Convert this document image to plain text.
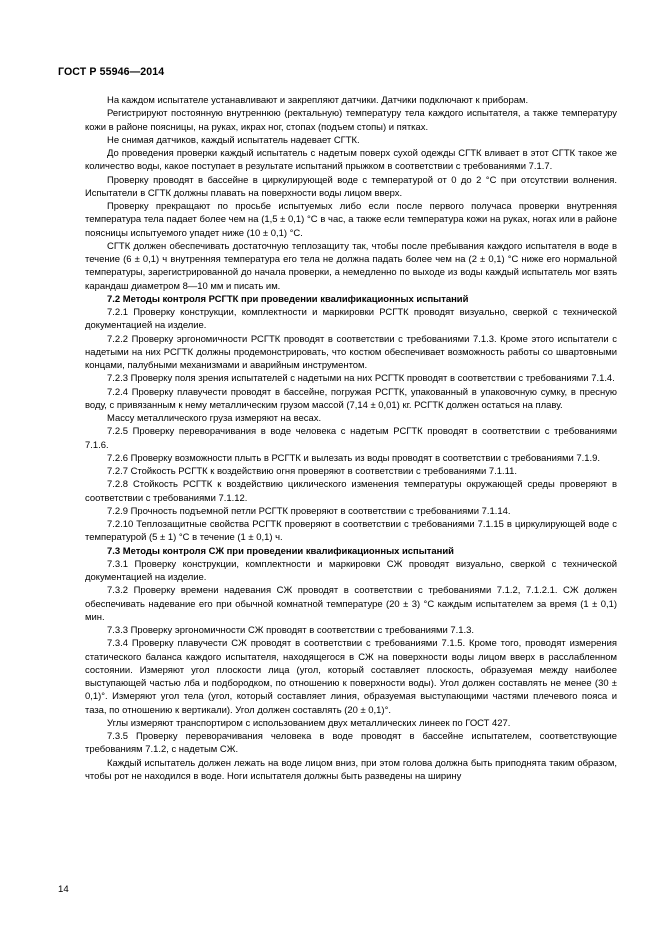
ГОСТ Р 55946—2014

На каждом испытателе устанавливают и закрепляют датчики. Датчики подключают к приборам.

Регистрируют постоянную внутреннюю (ректальную) температуру тела каждого испытателя, а также температуру кожи в районе поясницы, на руках, икрах ног, стопах (подъем стопы) и пятках.

Не снимая датчиков, каждый испытатель надевает СГТК.

До проведения проверки каждый испытатель с надетым поверх сухой одежды СГТК вливает в этот СГТК такое же количество воды, какое поступает в результате испытаний прыжком в соответствии с требованиями 7.1.7.

Проверку проводят в бассейне в циркулирующей воде с температурой от 0 до 2 °С при отсутствии волнения. Испытатели в СГТК должны плавать на поверхности воды лицом вверх.

Проверку прекращают по просьбе испытуемых либо если после первого получаса проверки внутренняя температура тела падает более чем на (1,5 ± 0,1) °С в час, а также если температура кожи на руках, ногах или в районе поясницы испытуемого упадет ниже (10 ± 0,1) °С.

СГТК должен обеспечивать достаточную теплозащиту так, чтобы после пребывания каждого испытателя в воде в течение (6 ± 0,1) ч внутренняя температура его тела не должна падать более чем на (2 ± 0,1) °С ниже его нормальной температуры, зарегистрированной до начала проверки, а немедленно по выходе из воды каждый испытатель мог взять карандаш диаметром 8—10 мм и писать им.

7.2 Методы контроля РСГТК при проведении квалификационных испытаний

7.2.1 Проверку конструкции, комплектности и маркировки РСГТК проводят визуально, сверкой с технической документацией на изделие.

7.2.2 Проверку эргономичности РСГТК проводят в соответствии с требованиями 7.1.3. Кроме этого испытатели с надетыми на них РСГТК должны продемонстрировать, что костюм обеспечивает возможность работы со швартовными концами, палубными механизмами и аварийным инструментом.

7.2.3 Проверку поля зрения испытателей с надетыми на них РСГТК проводят в соответствии с требованиями 7.1.4.

7.2.4 Проверку плавучести проводят в бассейне, погружая РСГТК, упакованный в упаковочную сумку, в пресную воду, с привязанным к нему металлическим грузом массой (7,14 ± 0,01) кг. РСГТК должен остаться на плаву.

Массу металлического груза измеряют на весах.

7.2.5 Проверку переворачивания в воде человека с надетым РСГТК проводят в соответствии с требованиями 7.1.6.

7.2.6 Проверку возможности плыть в РСГТК и вылезать из воды проводят в соответствии с требованиями 7.1.9.

7.2.7 Стойкость РСГТК к воздействию огня проверяют в соответствии с требованиями 7.1.11.

7.2.8 Стойкость РСГТК к воздействию циклического изменения температуры окружающей среды проверяют в соответствии с требованиями 7.1.12.

7.2.9 Прочность подъемной петли РСГТК проверяют в соответствии с требованиями 7.1.14.

7.2.10 Теплозащитные свойства РСГТК проверяют в соответствии с требованиями 7.1.15 в циркулирующей воде с температурой (5 ± 1) °С в течение (1 ± 0,1) ч.

7.3 Методы контроля СЖ при проведении квалификационных испытаний

7.3.1 Проверку конструкции, комплектности и маркировки СЖ проводят визуально, сверкой с технической документацией на изделие.

7.3.2 Проверку времени надевания СЖ проводят в соответствии с требованиями 7.1.2, 7.1.2.1. СЖ должен обеспечивать надевание его при обычной комнатной температуре (20 ± 3) °С каждым испытателем за время (1 ± 0,1) мин.

7.3.3 Проверку эргономичности СЖ проводят в соответствии с требованиями 7.1.3.

7.3.4 Проверку плавучести СЖ проводят в соответствии с требованиями 7.1.5. Кроме того, проводят измерения статического баланса каждого испытателя, находящегося в СЖ на поверхности воды лицом вверх в расслабленном состоянии. Измеряют угол плоскости лица (угол, который составляет плоскость, образуемая между наиболее выступающей частью лба и подбородком, по отношению к поверхности воды). Угол должен составлять не менее (30 ± 0,1)°. Измеряют угол тела (угол, который составляет линия, образуемая выступающими частями плечевого пояса и таза, по отношению к вертикали). Угол должен составлять (20 ± 0,1)°.

Углы измеряют транспортиром с использованием двух металлических линеек по ГОСТ 427.

7.3.5 Проверку переворачивания человека в воде проводят в бассейне испытателем, соответствующие требованиям 7.1.2, с надетым СЖ.

Каждый испытатель должен лежать на воде лицом вниз, при этом голова должна быть приподнята таким образом, чтобы рот не находился в воде. Ноги испытателя должны быть разведены на ширину

14
